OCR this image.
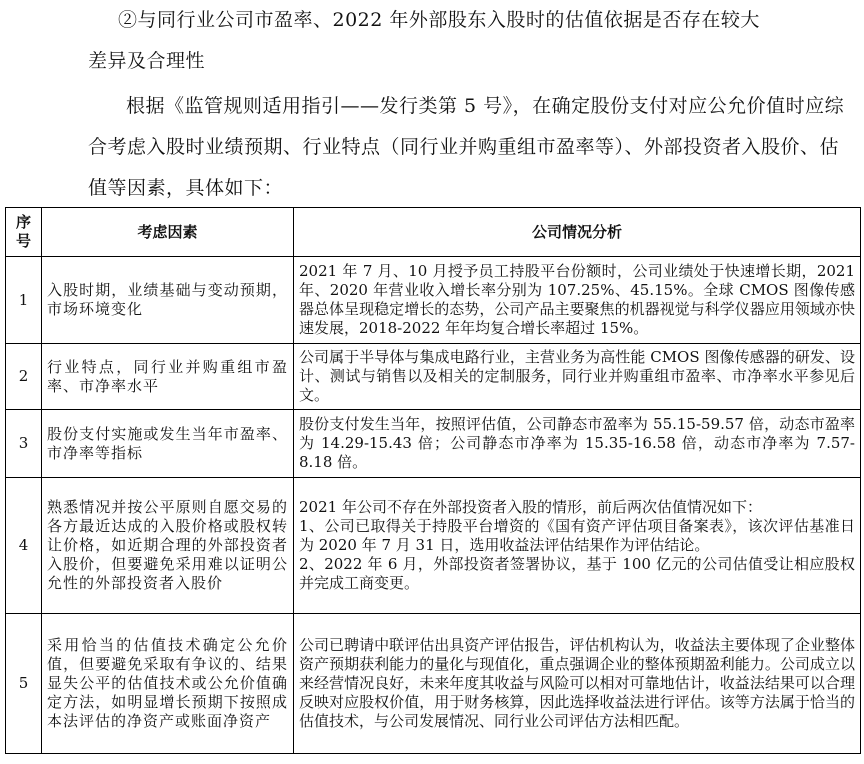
②与同行业公司市盈率、2022 年外部股东入股时的估值依据是否存在较大
差异及合理性
根据《监管规则适用指引——发行类第 5 号》，在确定股份支付对应公允价值时应综合考虑入股时业绩预期、行业特点（同行业并购重组市盈率等）、外部投资者入股价、估值等因素，具体如下：
序号	考虑因素	公司情况分析
1	入股时期，业绩基础与变动预期，市场环境变化	2021 年 7 月、10 月授予员工持股平台份额时，公司业绩处于快速增长期，2021 年、2020 年营业收入增长率分别为 107.25%、45.15%。全球 CMOS 图像传感器总体呈现稳定增长的态势，公司产品主要聚焦的机器视觉与科学仪器应用领域亦快速发展，2018-2022 年年均复合增长率超过 15%。
2	行业特点，同行业并购重组市盈率、市净率水平	公司属于半导体与集成电路行业，主营业务为高性能 CMOS 图像传感器的研发、设计、测试与销售以及相关的定制服务，同行业并购重组市盈率、市净率水平参见后文。
3	股份支付实施或发生当年市盈率、市净率等指标	股份支付发生当年，按照评估值，公司静态市盈率为 55.15-59.57 倍，动态市盈率为 14.29-15.43 倍；公司静态市净率为 15.35-16.58 倍，动态市净率为 7.57-8.18 倍。
4	熟悉情况并按公平原则自愿交易的各方最近达成的入股价格或股权转让价格，如近期合理的外部投资者入股价，但要避免采用难以证明公允性的外部投资者入股价	2021 年公司不存在外部投资者入股的情形，前后两次估值情况如下：
1、公司已取得关于持股平台增资的《国有资产评估项目备案表》，该次评估基准日为 2020 年 7 月 31 日，选用收益法评估结果作为评估结论。
2、2022 年 6 月，外部投资者签署协议，基于 100 亿元的公司估值受让相应股权并完成工商变更。

5	采用恰当的估值技术确定公允价值，但要避免采取有争议的、结果显失公平的估值技术或公允价值确定方法，如明显增长预期下按照成本法评估的净资产或账面净资产	公司已聘请中联评估出具资产评估报告，评估机构认为，收益法主要体现了企业整体资产预期获利能力的量化与现值化，重点强调企业的整体预期盈利能力。公司成立以来经营情况良好，未来年度其收益与风险可以相对可靠地估计，收益法结果可以合理反映对应股权价值，用于财务核算，因此选择收益法进行评估。该等方法属于恰当的估值技术，与公司发展情况、同行业公司评估方法相匹配。
